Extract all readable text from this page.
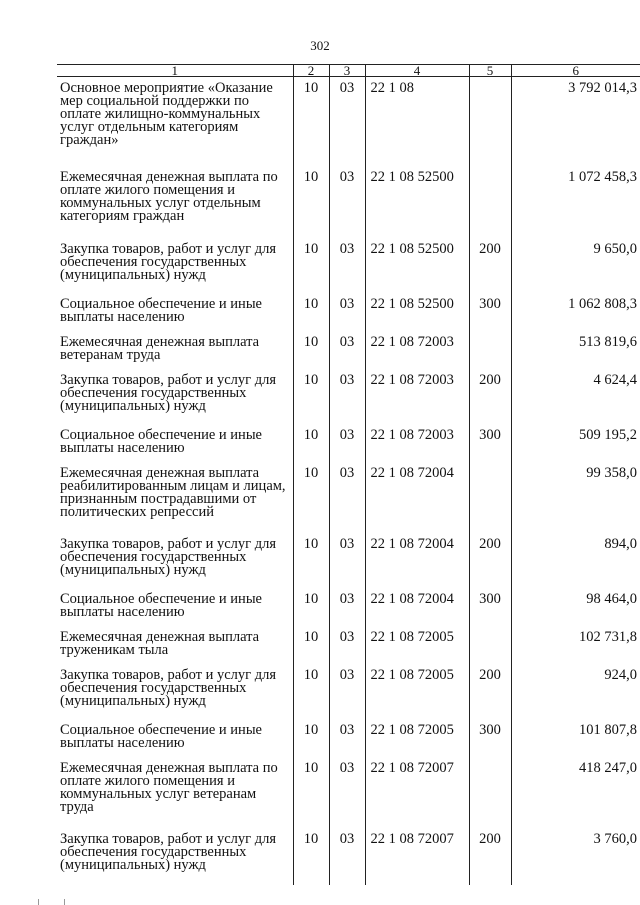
302
1	2	3	4	5	6
Основное мероприятие «Оказание мер социальной поддержки по оплате жилищно-коммунальных услуг отдельным категориям граждан»	10	03	22 1 08		3 792 014,3
Ежемесячная денежная выплата по оплате жилого помещения и коммунальных услуг отдельным категориям граждан	10	03	22 1 08 52500		1 072 458,3
Закупка товаров, работ и услуг для обеспечения государственных (муниципальных) нужд	10	03	22 1 08 52500	200	9 650,0
Социальное обеспечение и иные выплаты населению	10	03	22 1 08 52500	300	1 062 808,3
Ежемесячная денежная выплата ветеранам труда	10	03	22 1 08 72003		513 819,6
Закупка товаров, работ и услуг для обеспечения государственных (муниципальных) нужд	10	03	22 1 08 72003	200	4 624,4
Социальное обеспечение и иные выплаты населению	10	03	22 1 08 72003	300	509 195,2
Ежемесячная денежная выплата реабилитированным лицам и лицам, признанным пострадавшими от политических репрессий	10	03	22 1 08 72004		99 358,0
Закупка товаров, работ и услуг для обеспечения государственных (муниципальных) нужд	10	03	22 1 08 72004	200	894,0
Социальное обеспечение и иные выплаты населению	10	03	22 1 08 72004	300	98 464,0
Ежемесячная денежная выплата труженикам тыла	10	03	22 1 08 72005		102 731,8
Закупка товаров, работ и услуг для обеспечения государственных (муниципальных) нужд	10	03	22 1 08 72005	200	924,0
Социальное обеспечение и иные выплаты населению	10	03	22 1 08 72005	300	101 807,8
Ежемесячная денежная выплата по оплате жилого помещения и коммунальных услуг ветеранам труда	10	03	22 1 08 72007		418 247,0
Закупка товаров, работ и услуг для обеспечения государственных (муниципальных) нужд	10	03	22 1 08 72007	200	3 760,0
